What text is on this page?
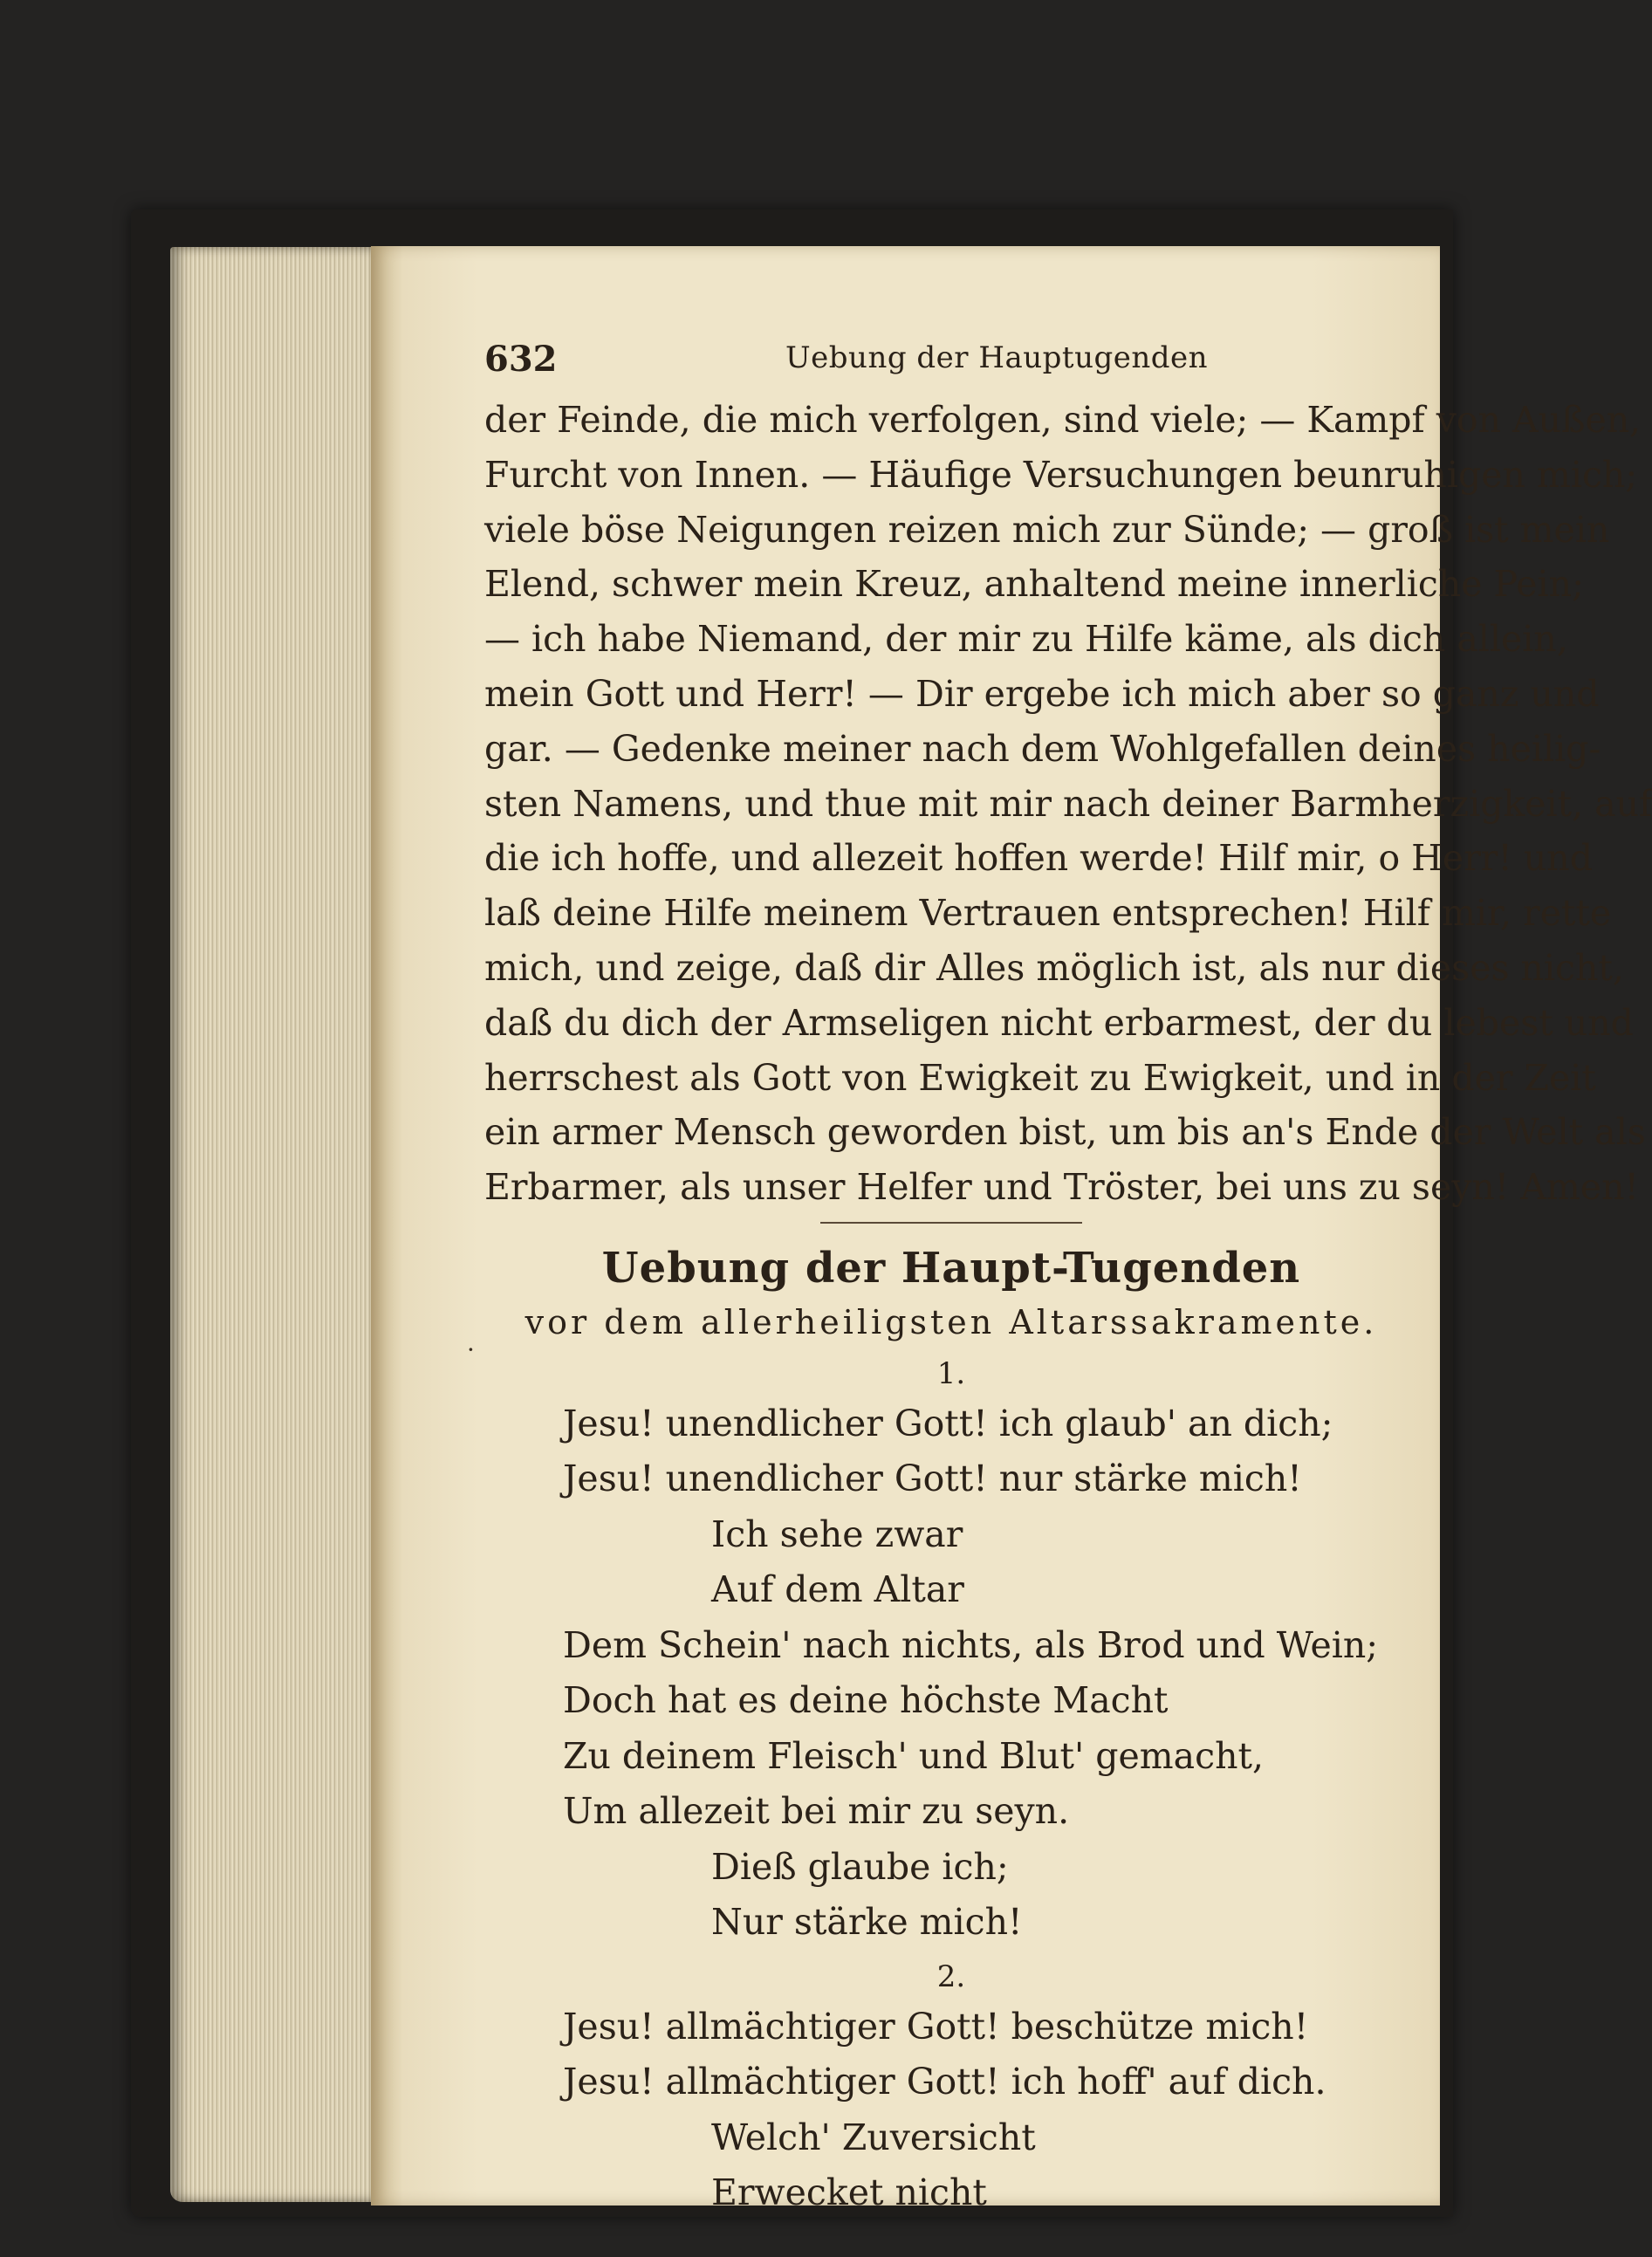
·
632	Uebung der Hauptugenden

der Feinde, die mich verfolgen, sind viele; — Kampf von Außen,

Furcht von Innen. — Häufige Versuchungen beunruhigen mich;

viele böse Neigungen reizen mich zur Sünde; — groß ist mein

Elend, schwer mein Kreuz, anhaltend meine innerliche Pein;

— ich habe Niemand, der mir zu Hilfe käme, als dich allein,

mein Gott und Herr! — Dir ergebe ich mich aber so ganz und

gar. — Gedenke meiner nach dem Wohlgefallen deines heilig-

sten Namens, und thue mit mir nach deiner Barmherzigkeit, auf

die ich hoffe, und allezeit hoffen werde! Hilf mir, o Herr! und

laß deine Hilfe meinem Vertrauen entsprechen! Hilf mir, rette

mich, und zeige, daß dir Alles möglich ist, als nur dieses nicht,

daß du dich der Armseligen nicht erbarmest, der du lebest und

herrschest als Gott von Ewigkeit zu Ewigkeit, und in der Zeit

ein armer Mensch geworden bist, um bis an's Ende der Welt als

Erbarmer, als unser Helfer und Tröster, bei uns zu seyn! Amen!

Uebung der Haupt-Tugenden
vor dem allerheiligsten Altarssakramente.
1.
Jesu! unendlicher Gott! ich glaub' an dich;
Jesu! unendlicher Gott! nur stärke mich!
Ich sehe zwar
Auf dem Altar
Dem Schein' nach nichts, als Brod und Wein;
Doch hat es deine höchste Macht
Zu deinem Fleisch' und Blut' gemacht,
Um allezeit bei mir zu seyn.
Dieß glaube ich;
Nur stärke mich!
2.
Jesu! allmächtiger Gott! beschütze mich!
Jesu! allmächtiger Gott! ich hoff' auf dich.
Welch' Zuversicht
Erwecket nicht
